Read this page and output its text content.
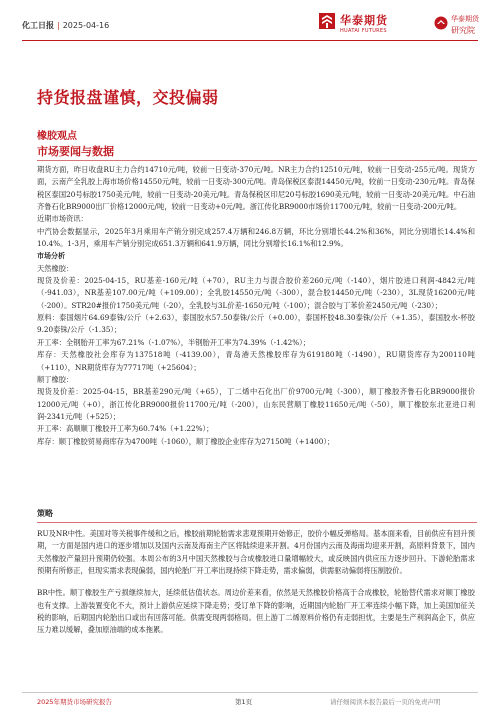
化工日报 | 2025-04-16	华泰期货
HUATAI FUTURES
华泰期货
研究院
持货报盘谨慎，交投偏弱
橡胶观点
市场要闻与数据

期货方面，昨日收盘RU主力合约14710元/吨，较前一日变动-370元/吨。NR主力合约12510元/吨，较前一日变动-255元/吨。现货方面，云南产全乳胶上海市场价格14550元/吨，较前一日变动-300元/吨。青岛保税区泰混14450元/吨，较前一日变动-230元/吨。青岛保税区泰国20号标胶1750美元/吨，较前一日变动-20美元/吨。青岛保税区印尼20号标胶1690美元/吨，较前一日变动-20美元/吨。中石油齐鲁石化BR9000出厂价格12000元/吨，较前一日变动+0元/吨。浙江传化BR9000市场价11700元/吨，较前一日变动-200元/吨。

近期市场资讯：

中汽协会数据显示，2025年3月乘用车产销分别完成257.4万辆和246.8万辆，环比分别增长44.2%和36%，同比分别增长14.4%和10.4%。1-3月，乘用车产销分别完成651.3万辆和641.9万辆，同比分别增长16.1%和12.9%。

市场分析

天然橡胶：

现货及价差：2025-04-15，RU基差-160元/吨（+70），RU主力与混合胶价差260元/吨（-140），烟片胶进口利润-4842元/吨（-941.03），NR基差107.00元/吨（+109.00）；全乳胶14550元/吨（-300），混合胶14450元/吨（-230），3L现货16200元/吨（-200）。STR20#报价1750美元/吨（-20），全乳胶与3L价差-1650元/吨（-100）；混合胶与丁苯价差2450元/吨（-230）；

原料：泰国烟片64.69泰铢/公斤（+2.63），泰国胶水57.50泰铢/公斤（+0.00），泰国杯胶48.30泰铢/公斤（+1.35），泰国胶水-杯胶9.20泰铢/公斤（-1.35）；

开工率：全钢胎开工率为67.21%（-1.07%），半钢胎开工率为74.39%（-1.42%）；

库存：天然橡胶社会库存为137518吨（-4139.00），青岛港天然橡胶库存为619180吨（-1490），RU期货库存为200110吨（+110），NR期货库存为77717吨（+25604）；

顺丁橡胶：

现货及价差：2025-04-15，BR基差290元/吨（+65），丁二烯中石化出厂价9700元/吨（-300），顺丁橡胶齐鲁石化BR9000报价12000元/吨（+0），浙江传化BR9000报价11700元/吨（-200），山东民营顺丁橡胶11650元/吨（-50），顺丁橡胶东北亚进口利润-2341元/吨（+525）；

开工率：高顺顺丁橡胶开工率为60.74%（+1.22%）；

库存：顺丁橡胶贸易商库存为4700吨（-1060），顺丁橡胶企业库存为27150吨（+1400）；

策略

RU及NR中性。美国对等关税事件缓和之后，橡胶前期轮胎需求悲观预期开始修正，胶价小幅反弹格局。基本面来看，目前供应有回升预期，一方面是国内进口的逐步增加以及国内云南及海南主产区将陆续迎来开割。4月份国内云南及海南均迎来开割，高原料背景下，国内天然橡胶产量回升预期仍较强。本周公布的3月中国天然橡胶与合成橡胶进口量增幅较大，或反映国内供应压力逐步回升。下游轮胎需求预期有所修正，但现实需求表现偏弱，国内轮胎厂开工率出现持续下降走势，需求偏弱，供需驱动偏弱将压制胶价。

BR中性。顺丁橡胶生产亏损继续加大，延续低估值状态。周边价差来看，依然是天然橡胶价格高于合成橡胶，轮胎替代需求对顺丁橡胶也有支撑。上游装置变化不大，预计上游供应延续下降走势；受订单下降的影响，近期国内轮胎厂开工率连续小幅下降，加上美国加征关税的影响，后期国内轮胎出口或出有回落可能。供需变现两弱格局。但上游丁二烯原料价格仍有走弱担忧，主要是生产利润高企下，供应压力难以缓解，叠加原油端的成本拖累。

2025年期货市场研究报告	第1页	请仔细阅读本报告最后一页的免责声明
